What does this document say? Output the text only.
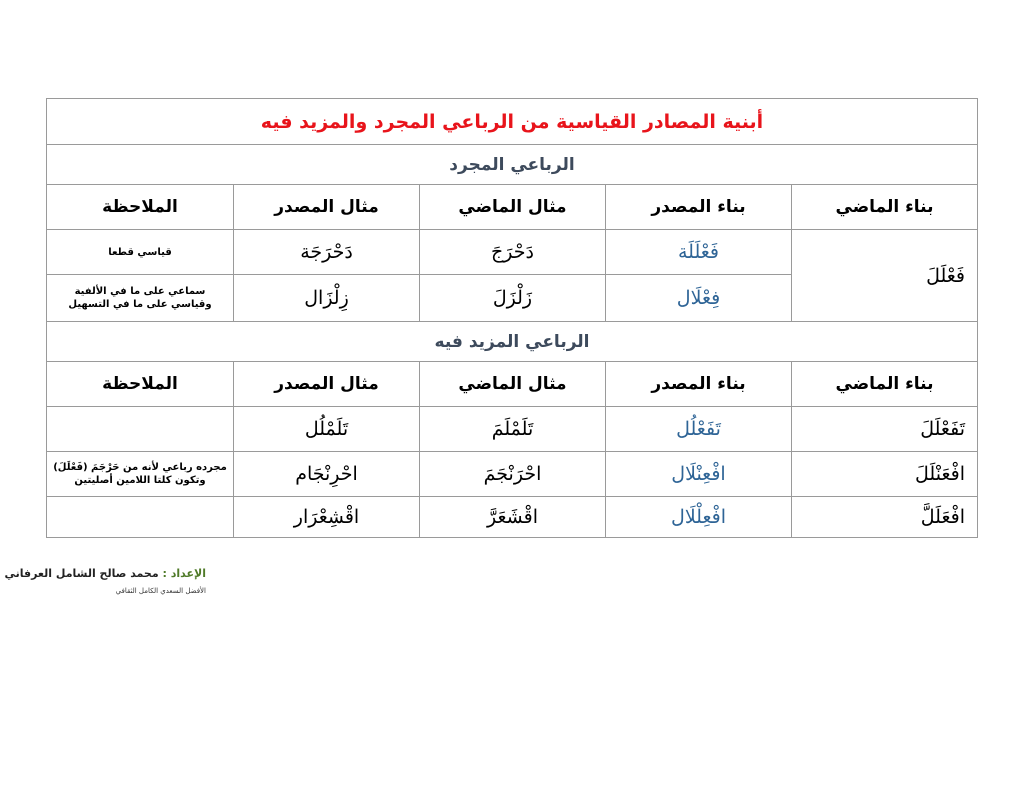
أبنية المصادر القياسية من الرباعي المجرد والمزيد فيه				
الرباعي المجرد				
بناء الماضي	بناء المصدر	مثال الماضي	مثال المصدر	الملاحظة
فَعْلَلَ	فَعْلَلَة	دَحْرَجَ	دَحْرَجَة	قياسي قطعا
	فِعْلَال	زَلْزَلَ	زِلْزَال	سماعي على ما في الألفية وقياسي على ما في التسهيل
الرباعي المزيد فيه				
بناء الماضي	بناء المصدر	مثال الماضي	مثال المصدر	الملاحظة
تَفَعْلَلَ	تَفَعْلُل	تَلَمْلَمَ	تَلَمْلُل	
افْعَنْلَلَ	افْعِنْلَال	احْرَنْجَمَ	احْرِنْجَام	مجرده رباعي لأنه من حَرْجَمَ (فَعْلَلَ) وتكون كلتا اللامين أصليتين
افْعَلَلَّ	افْعِلْلَال	اقْشَعَرَّ	اقْشِعْرَار	
الإعداد : محمد صالح الشامل العرفاني
الأفضل السعدي الكامل الثقافي
